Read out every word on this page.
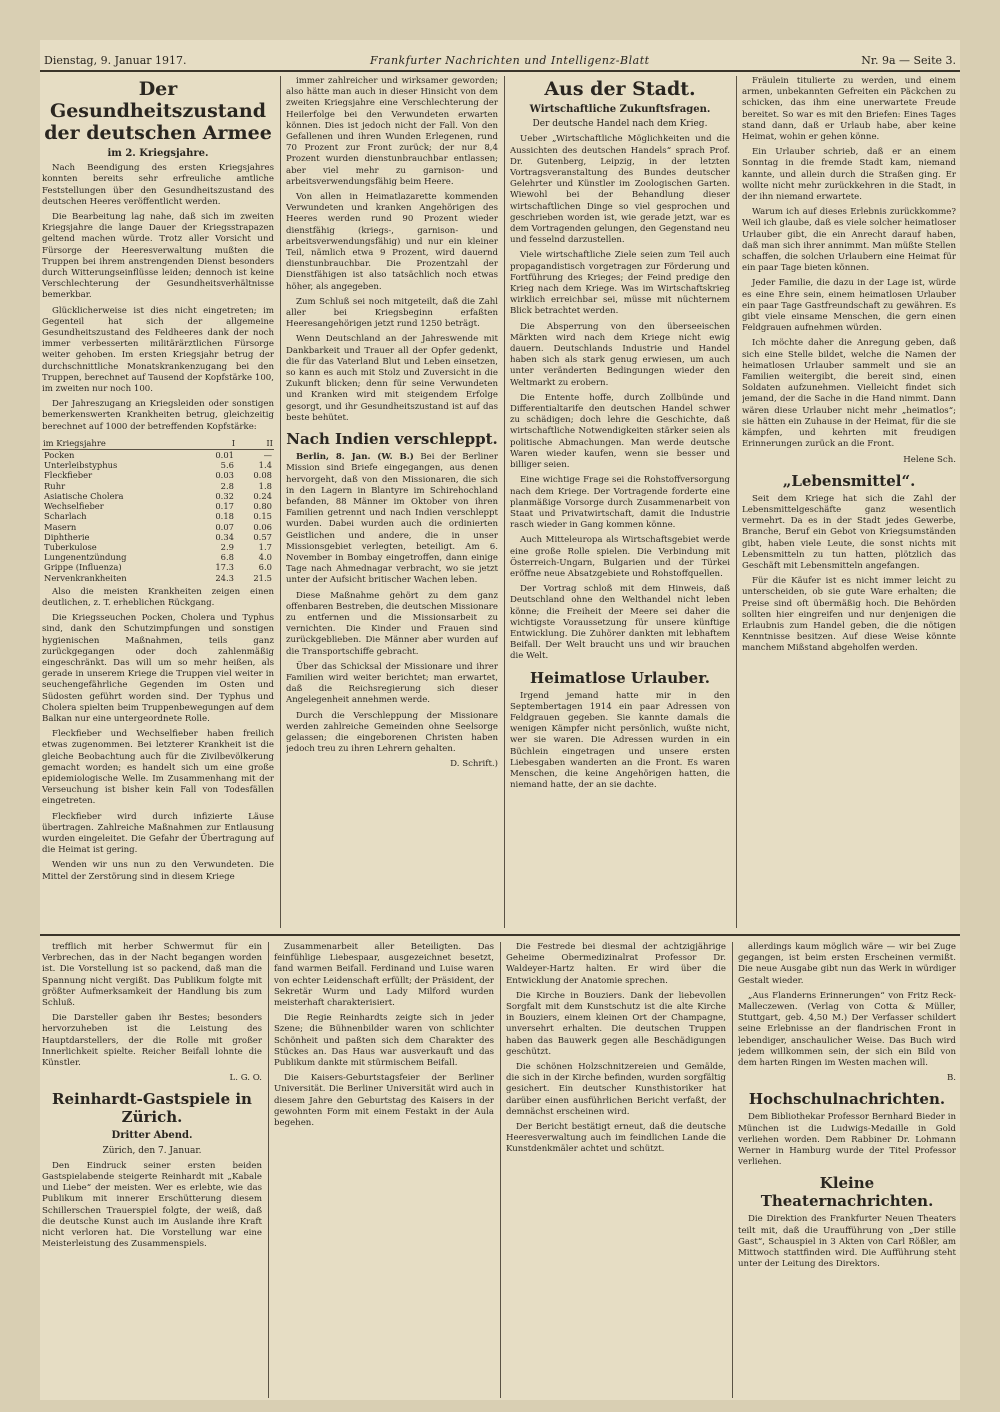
Dienstag, 9. Januar 1917.	Frankfurter Nachrichten und Intelligenz-Blatt	Nr. 9a — Seite 3.
Der Gesundheitszustand der deutschen Armee
im 2. Kriegsjahre.

Nach Beendigung des ersten Kriegsjahres konnten bereits sehr erfreuliche amtliche Feststellungen über den Gesundheitszustand des deutschen Heeres veröffentlicht werden.

Die Bearbeitung lag nahe, daß sich im zweiten Kriegsjahre die lange Dauer der Kriegsstrapazen geltend machen würde. Trotz aller Vorsicht und Fürsorge der Heeresverwaltung mußten die Truppen bei ihrem anstrengenden Dienst besonders durch Witterungseinflüsse leiden; dennoch ist keine Verschlechterung der Gesundheitsverhältnisse bemerkbar.

Glücklicherweise ist dies nicht eingetreten; im Gegenteil hat sich der allgemeine Gesundheitszustand des Feldheeres dank der noch immer verbesserten militärärztlichen Fürsorge weiter gehoben. Im ersten Kriegsjahr betrug der durchschnittliche Monatskrankenzugang bei den Truppen, berechnet auf Tausend der Kopfstärke 100, im zweiten nur noch 100.

Der Jahreszugang an Kriegsleiden oder sonstigen bemerkenswerten Krankheiten betrug, gleichzeitig berechnet auf 1000 der betreffenden Kopfstärke:

im Kriegsjahre	I	II
Pocken	0.01	—
Unterleibstyphus	5.6	1.4
Fleckfieber	0.03	0.08
Ruhr	2.8	1.8
Asiatische Cholera	0.32	0.24
Wechselfieber	0.17	0.80
Scharlach	0.18	0.15
Masern	0.07	0.06
Diphtherie	0.34	0.57
Tuberkulose	2.9	1.7
Lungenentzündung	6.8	4.0
Grippe (Influenza)	17.3	6.0
Nervenkrankheiten	24.3	21.5

Also die meisten Krankheiten zeigen einen deutlichen, z. T. erheblichen Rückgang.

Die Kriegsseuchen Pocken, Cholera und Typhus sind, dank den Schutzimpfungen und sonstigen hygienischen Maßnahmen, teils ganz zurückgegangen oder doch zahlenmäßig eingeschränkt. Das will um so mehr heißen, als gerade in unserem Kriege die Truppen viel weiter in seuchengefährliche Gegenden im Osten und Südosten geführt worden sind. Der Typhus und Cholera spielten beim Truppenbewegungen auf dem Balkan nur eine untergeordnete Rolle.

Fleckfieber und Wechselfieber haben freilich etwas zugenommen. Bei letzterer Krankheit ist die gleiche Beobachtung auch für die Zivilbevölkerung gemacht worden; es handelt sich um eine große epidemiologische Welle. Im Zusammenhang mit der Verseuchung ist bisher kein Fall von Todesfällen eingetreten.

Fleckfieber wird durch infizierte Läuse übertragen. Zahlreiche Maßnahmen zur Entlausung wurden eingeleitet. Die Gefahr der Übertragung auf die Heimat ist gering.

Wenden wir uns nun zu den Verwundeten. Die Mittel der Zerstörung sind in diesem Kriege

immer zahlreicher und wirksamer geworden; also hätte man auch in dieser Hinsicht von dem zweiten Kriegsjahre eine Verschlechterung der Heilerfolge bei den Verwundeten erwarten können. Dies ist jedoch nicht der Fall. Von den Gefallenen und ihren Wunden Erlegenen, rund 70 Prozent zur Front zurück; der nur 8,4 Prozent wurden dienstunbrauchbar entlassen; aber viel mehr zu garnison- und arbeitsverwendungsfähig beim Heere.

Von allen in Heimatlazarette kommenden Verwundeten und kranken Angehörigen des Heeres werden rund 90 Prozent wieder dienstfähig (kriegs-, garnison- und arbeitsverwendungsfähig) und nur ein kleiner Teil, nämlich etwa 9 Prozent, wird dauernd dienstunbrauchbar. Die Prozentzahl der Dienstfähigen ist also tatsächlich noch etwas höher, als angegeben.

Zum Schluß sei noch mitgeteilt, daß die Zahl aller bei Kriegsbeginn erfaßten Heeresangehörigen jetzt rund 1250 beträgt.

Wenn Deutschland an der Jahreswende mit Dankbarkeit und Trauer all der Opfer gedenkt, die für das Vaterland Blut und Leben einsetzen, so kann es auch mit Stolz und Zuversicht in die Zukunft blicken; denn für seine Verwundeten und Kranken wird mit steigendem Erfolge gesorgt, und ihr Gesundheitszustand ist auf das beste behütet.

Nach Indien verschleppt.

Berlin, 8. Jan. (W. B.) Bei der Berliner Mission sind Briefe eingegangen, aus denen hervorgeht, daß von den Missionaren, die sich in den Lagern in Blantyre im Schirehochland befanden, 88 Männer im Oktober von ihren Familien getrennt und nach Indien verschleppt wurden. Dabei wurden auch die ordinierten Geistlichen und andere, die in unser Missionsgebiet verlegten, beteiligt. Am 6. November in Bombay eingetroffen, dann einige Tage nach Ahmednagar verbracht, wo sie jetzt unter der Aufsicht britischer Wachen leben.

Diese Maßnahme gehört zu dem ganz offenbaren Bestreben, die deutschen Missionare zu entfernen und die Missionsarbeit zu vernichten. Die Kinder und Frauen sind zurückgeblieben. Die Männer aber wurden auf die Transportschiffe gebracht.

Über das Schicksal der Missionare und ihrer Familien wird weiter berichtet; man erwartet, daß die Reichsregierung sich dieser Angelegenheit annehmen werde.

Durch die Verschleppung der Missionare werden zahlreiche Gemeinden ohne Seelsorge gelassen; die eingeborenen Christen haben jedoch treu zu ihren Lehrern gehalten.

D. Schrift.)
Aus der Stadt.
Wirtschaftliche Zukunftsfragen.
Der deutsche Handel nach dem Krieg.

Ueber „Wirtschaftliche Möglichkeiten und die Aussichten des deutschen Handels“ sprach Prof. Dr. Gutenberg, Leipzig, in der letzten Vortragsveranstaltung des Bundes deutscher Gelehrter und Künstler im Zoologischen Garten. Wiewohl bei der Behandlung dieser wirtschaftlichen Dinge so viel gesprochen und geschrieben worden ist, wie gerade jetzt, war es dem Vortragenden gelungen, den Gegenstand neu und fesselnd darzustellen.

Viele wirtschaftliche Ziele seien zum Teil auch propagandistisch vorgetragen zur Förderung und Fortführung des Krieges; der Feind predige den Krieg nach dem Kriege. Was im Wirtschaftskrieg wirklich erreichbar sei, müsse mit nüchternem Blick betrachtet werden.

Die Absperrung von den überseeischen Märkten wird nach dem Kriege nicht ewig dauern. Deutschlands Industrie und Handel haben sich als stark genug erwiesen, um auch unter veränderten Bedingungen wieder den Weltmarkt zu erobern.

Die Entente hoffe, durch Zollbünde und Differentialtarife den deutschen Handel schwer zu schädigen; doch lehre die Geschichte, daß wirtschaftliche Notwendigkeiten stärker seien als politische Abmachungen. Man werde deutsche Waren wieder kaufen, wenn sie besser und billiger seien.

Eine wichtige Frage sei die Rohstoffversorgung nach dem Kriege. Der Vortragende forderte eine planmäßige Vorsorge durch Zusammenarbeit von Staat und Privatwirtschaft, damit die Industrie rasch wieder in Gang kommen könne.

Auch Mitteleuropa als Wirtschaftsgebiet werde eine große Rolle spielen. Die Verbindung mit Österreich-Ungarn, Bulgarien und der Türkei eröffne neue Absatzgebiete und Rohstoffquellen.

Der Vortrag schloß mit dem Hinweis, daß Deutschland ohne den Welthandel nicht leben könne; die Freiheit der Meere sei daher die wichtigste Voraussetzung für unsere künftige Entwicklung. Die Zuhörer dankten mit lebhaftem Beifall. Der Welt braucht uns und wir brauchen die Welt.

Heimatlose Urlauber.

Irgend jemand hatte mir in den Septembertagen 1914 ein paar Adressen von Feldgrauen gegeben. Sie kannte damals die wenigen Kämpfer nicht persönlich, wußte nicht, wer sie waren. Die Adressen wurden in ein Büchlein eingetragen und unsere ersten Liebesgaben wanderten an die Front. Es waren Menschen, die keine Angehörigen hatten, die niemand hatte, der an sie dachte.

Fräulein titulierte zu werden, und einem armen, unbekannten Gefreiten ein Päckchen zu schicken, das ihm eine unerwartete Freude bereitet. So war es mit den Briefen: Eines Tages stand dann, daß er Urlaub habe, aber keine Heimat, wohin er gehen könne.

Ein Urlauber schrieb, daß er an einem Sonntag in die fremde Stadt kam, niemand kannte, und allein durch die Straßen ging. Er wollte nicht mehr zurückkehren in die Stadt, in der ihn niemand erwartete.

Warum ich auf dieses Erlebnis zurückkomme? Weil ich glaube, daß es viele solcher heimatloser Urlauber gibt, die ein Anrecht darauf haben, daß man sich ihrer annimmt. Man müßte Stellen schaffen, die solchen Urlaubern eine Heimat für ein paar Tage bieten können.

Jeder Familie, die dazu in der Lage ist, würde es eine Ehre sein, einem heimatlosen Urlauber ein paar Tage Gastfreundschaft zu gewähren. Es gibt viele einsame Menschen, die gern einen Feldgrauen aufnehmen würden.

Ich möchte daher die Anregung geben, daß sich eine Stelle bildet, welche die Namen der heimatlosen Urlauber sammelt und sie an Familien weitergibt, die bereit sind, einen Soldaten aufzunehmen. Vielleicht findet sich jemand, der die Sache in die Hand nimmt. Dann wären diese Urlauber nicht mehr „heimatlos“; sie hätten ein Zuhause in der Heimat, für die sie kämpfen, und kehrten mit freudigen Erinnerungen zurück an die Front.

Helene Sch.
„Lebensmittel“.

Seit dem Kriege hat sich die Zahl der Lebensmittelgeschäfte ganz wesentlich vermehrt. Da es in der Stadt jedes Gewerbe, Branche, Beruf ein Gebot von Kriegsumständen gibt, haben viele Leute, die sonst nichts mit Lebensmitteln zu tun hatten, plötzlich das Geschäft mit Lebensmitteln angefangen.

Für die Käufer ist es nicht immer leicht zu unterscheiden, ob sie gute Ware erhalten; die Preise sind oft übermäßig hoch. Die Behörden sollten hier eingreifen und nur denjenigen die Erlaubnis zum Handel geben, die die nötigen Kenntnisse besitzen. Auf diese Weise könnte manchem Mißstand abgeholfen werden.

trefflich mit herber Schwermut für ein Verbrechen, das in der Nacht begangen worden ist. Die Vorstellung ist so packend, daß man die Spannung nicht vergißt. Das Publikum folgte mit größter Aufmerksamkeit der Handlung bis zum Schluß.

Die Darsteller gaben ihr Bestes; besonders hervorzuheben ist die Leistung des Hauptdarstellers, der die Rolle mit großer Innerlichkeit spielte. Reicher Beifall lohnte die Künstler.

L. G. O.
Reinhardt-Gastspiele in Zürich.
Dritter Abend.
Zürich, den 7. Januar.

Den Eindruck seiner ersten beiden Gastspielabende steigerte Reinhardt mit „Kabale und Liebe“ der meisten. Wer es erlebte, wie das Publikum mit innerer Erschütterung diesem Schillerschen Trauerspiel folgte, der weiß, daß die deutsche Kunst auch im Auslande ihre Kraft nicht verloren hat. Die Vorstellung war eine Meisterleistung des Zusammenspiels.

Zusammenarbeit aller Beteiligten. Das feinfühlige Liebespaar, ausgezeichnet besetzt, fand warmen Beifall. Ferdinand und Luise waren von echter Leidenschaft erfüllt; der Präsident, der Sekretär Wurm und Lady Milford wurden meisterhaft charakterisiert.

Die Regie Reinhardts zeigte sich in jeder Szene; die Bühnenbilder waren von schlichter Schönheit und paßten sich dem Charakter des Stückes an. Das Haus war ausverkauft und das Publikum dankte mit stürmischem Beifall.

Die Kaisers-Geburtstagsfeier der Berliner Universität. Die Berliner Universität wird auch in diesem Jahre den Geburtstag des Kaisers in der gewohnten Form mit einem Festakt in der Aula begehen.

Die Festrede bei diesmal der achtzigjährige Geheime Obermedizinalrat Professor Dr. Waldeyer-Hartz halten. Er wird über die Entwicklung der Anatomie sprechen.

Die Kirche in Bouziers. Dank der liebevollen Sorgfalt mit dem Kunstschutz ist die alte Kirche in Bouziers, einem kleinen Ort der Champagne, unversehrt erhalten. Die deutschen Truppen haben das Bauwerk gegen alle Beschädigungen geschützt.

Die schönen Holzschnitzereien und Gemälde, die sich in der Kirche befinden, wurden sorgfältig gesichert. Ein deutscher Kunsthistoriker hat darüber einen ausführlichen Bericht verfaßt, der demnächst erscheinen wird.

Der Bericht bestätigt erneut, daß die deutsche Heeresverwaltung auch im feindlichen Lande die Kunstdenkmäler achtet und schützt.

allerdings kaum möglich wäre — wir bei Zuge gegangen, ist beim ersten Erscheinen vermißt. Die neue Ausgabe gibt nun das Werk in würdiger Gestalt wieder.

„Aus Flanderns Erinnerungen“ von Fritz Reck-Malleczewen. (Verlag von Cotta & Müller, Stuttgart, geb. 4,50 M.) Der Verfasser schildert seine Erlebnisse an der flandrischen Front in lebendiger, anschaulicher Weise. Das Buch wird jedem willkommen sein, der sich ein Bild von dem harten Ringen im Westen machen will.

B.
Hochschulnachrichten.

Dem Bibliothekar Professor Bernhard Bieder in München ist die Ludwigs-Medaille in Gold verliehen worden. Dem Rabbiner Dr. Lohmann Werner in Hamburg wurde der Titel Professor verliehen.

Kleine Theaternachrichten.

Die Direktion des Frankfurter Neuen Theaters teilt mit, daß die Uraufführung von „Der stille Gast“, Schauspiel in 3 Akten von Carl Rößler, am Mittwoch stattfinden wird. Die Aufführung steht unter der Leitung des Direktors.
